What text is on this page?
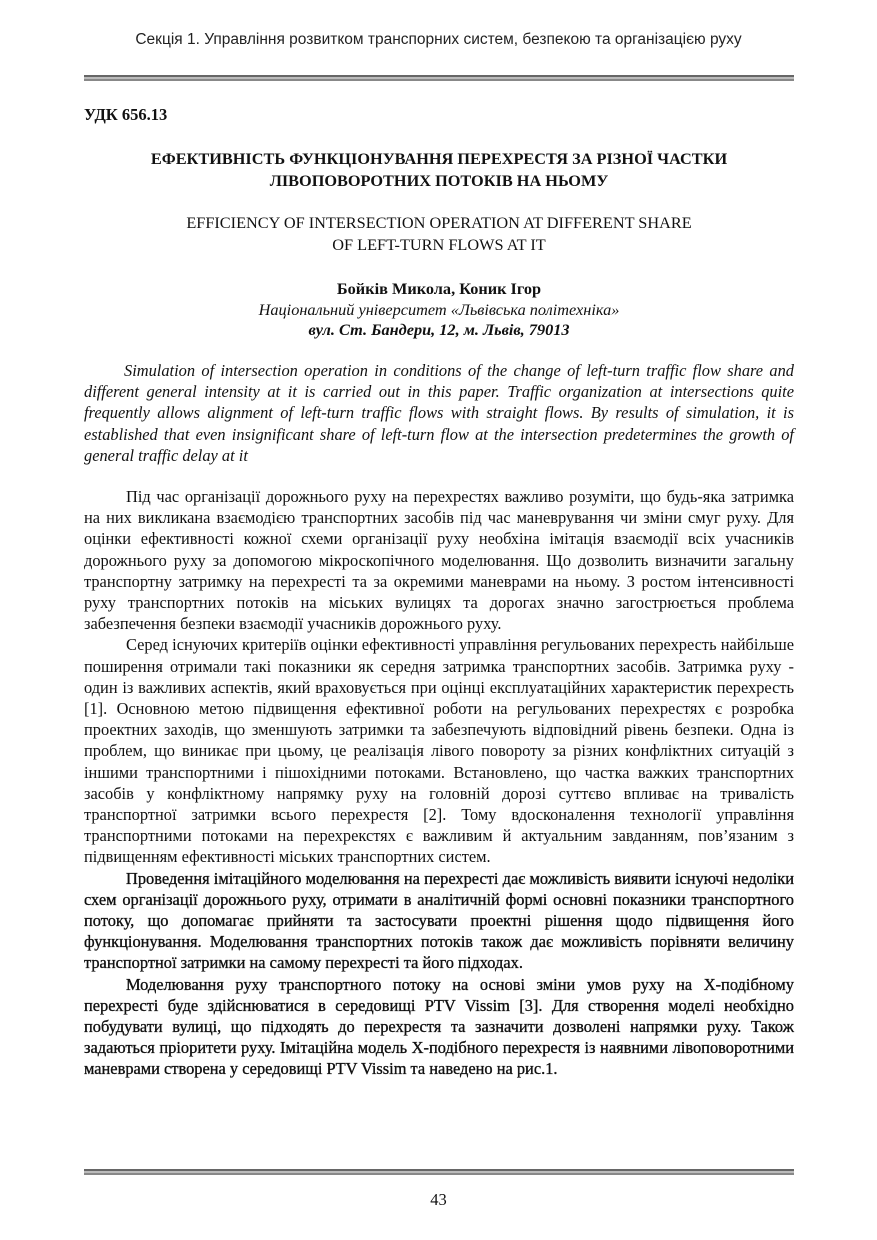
Секція 1. Управління розвитком транспорних систем, безпекою та організацією руху
УДК 656.13
ЕФЕКТИВНІСТЬ ФУНКЦІОНУВАННЯ ПЕРЕХРЕСТЯ ЗА РІЗНОЇ ЧАСТКИ
ЛІВОПОВОРОТНИХ ПОТОКІВ НА НЬОМУ
EFFICIENCY OF INTERSECTION OPERATION AT DIFFERENT SHARE
OF LEFT-TURN FLOWS AT IT
Бойків Микола, Коник Ігор
Національний університет «Львівська політехніка»
вул. Ст. Бандери, 12, м. Львів, 79013
Simulation of intersection operation in conditions of the change of left-turn traffic flow share and different general intensity at it is carried out in this paper. Traffic organization at intersections quite frequently allows alignment of left-turn traffic flows with straight flows. By results of simulation, it is established that even insignificant share of left-turn flow at the intersection predetermines the growth of general traffic delay at it

Під час організації дорожнього руху на перехрестях важливо розуміти, що будь-яка затримка на них викликана взаємодією транспортних засобів під час маневрування чи зміни смуг руху. Для оцінки ефективності кожної схеми організації руху необхіна імітація взаємодії всіх учасників дорожнього руху за допомогою мікроскопічного моделювання. Що дозволить визначити загальну транспортну затримку на перехресті та за окремими маневрами на ньому. З ростом інтенсивності руху транспортних потоків на міських вулицях та дорогах значно загострюється проблема забезпечення безпеки взаємодії учасників дорожнього руху.

Серед існуючих критеріїв оцінки ефективності управління регульованих перехресть найбільше поширення отримали такі показники як середня затримка транспортних засобів. Затримка руху - один із важливих аспектів, який враховується при оцінці експлуатаційних характеристик перехресть [1]. Основною метою підвищення ефективної роботи на регульованих перехрестях є розробка проектних заходів, що зменшують затримки та забезпечують відповідний рівень безпеки. Одна із проблем, що виникає при цьому, це реалізація лівого повороту за різних конфліктних ситуацій з іншими транспортними і пішохідними потоками. Встановлено, що частка важких транспортних засобів у конфліктному напрямку руху на головній дорозі суттєво впливає на тривалість транспортної затримки всього перехрестя [2]. Тому вдосконалення технології управління транспортними потоками на перехрекстях є важливим й актуальним завданням, пов’язаним з підвищенням ефективності міських транспортних систем.

Проведення імітаційного моделювання на перехресті дає можливість виявити існуючі недоліки схем організації дорожнього руху, отримати в аналітичній формі основні показники транспортного потоку, що допомагає прийняти та застосувати проектні рішення щодо підвищення його функціонування. Моделювання транспортних потоків також дає можливість порівняти величину транспортної затримки на самому перехресті та його підходах.

Моделювання руху транспортного потоку на основі зміни умов руху на Х-подібному перехресті буде здійснюватися в середовищі PTV Vissim [3]. Для створення моделі необхідно побудувати вулиці, що підходять до перехрестя та зазначити дозволені напрямки руху. Також задаються пріоритети руху. Імітаційна модель Х-подібного перехрестя із наявними лівоповоротними маневрами створена у середовищі PTV Vissim та наведено на рис.1.

43
